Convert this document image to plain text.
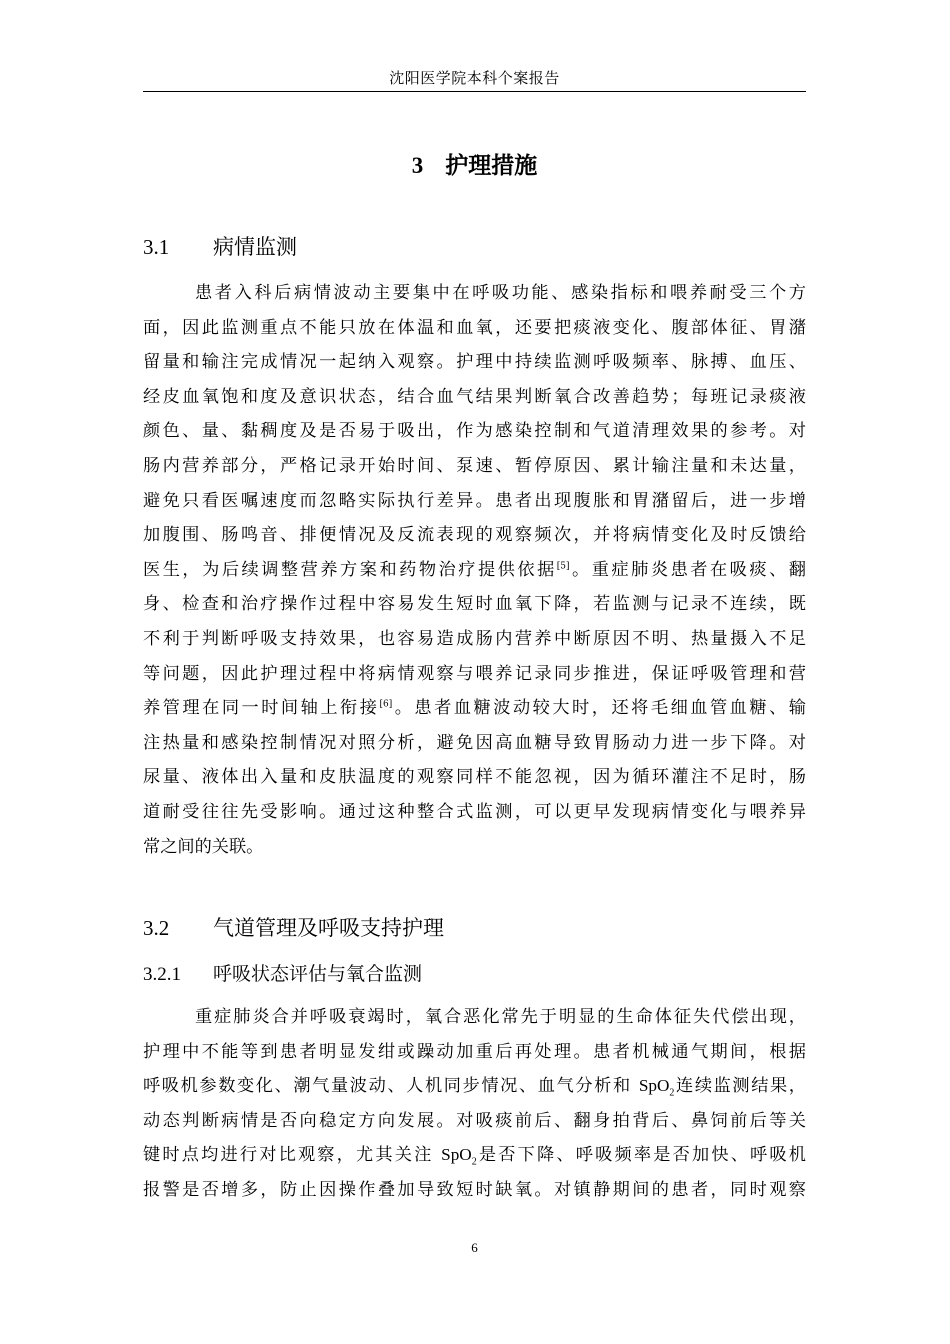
沈阳医学院本科个案报告
3 护理措施
3.1 病情监测
患者入科后病情波动主要集中在呼吸功能、感染指标和喂养耐受三个方
面，因此监测重点不能只放在体温和血氧，还要把痰液变化、腹部体征、胃潴
留量和输注完成情况一起纳入观察。护理中持续监测呼吸频率、脉搏、血压、
经皮血氧饱和度及意识状态，结合血气结果判断氧合改善趋势；每班记录痰液
颜色、量、黏稠度及是否易于吸出，作为感染控制和气道清理效果的参考。对
肠内营养部分，严格记录开始时间、泵速、暂停原因、累计输注量和未达量，
避免只看医嘱速度而忽略实际执行差异。患者出现腹胀和胃潴留后，进一步增
加腹围、肠鸣音、排便情况及反流表现的观察频次，并将病情变化及时反馈给
医生，为后续调整营养方案和药物治疗提供依据[5]。重症肺炎患者在吸痰、翻
身、检查和治疗操作过程中容易发生短时血氧下降，若监测与记录不连续，既
不利于判断呼吸支持效果，也容易造成肠内营养中断原因不明、热量摄入不足
等问题，因此护理过程中将病情观察与喂养记录同步推进，保证呼吸管理和营
养管理在同一时间轴上衔接[6]。患者血糖波动较大时，还将毛细血管血糖、输
注热量和感染控制情况对照分析，避免因高血糖导致胃肠动力进一步下降。对
尿量、液体出入量和皮肤温度的观察同样不能忽视，因为循环灌注不足时，肠
道耐受往往先受影响。通过这种整合式监测，可以更早发现病情变化与喂养异
常之间的关联。
3.2 气道管理及呼吸支持护理
3.2.1 呼吸状态评估与氧合监测
重症肺炎合并呼吸衰竭时，氧合恶化常先于明显的生命体征失代偿出现，
护理中不能等到患者明显发绀或躁动加重后再处理。患者机械通气期间，根据
呼吸机参数变化、潮气量波动、人机同步情况、血气分析和 SpO$_2$连续监测结果，
动态判断病情是否向稳定方向发展。对吸痰前后、翻身拍背后、鼻饲前后等关
键时点均进行对比观察，尤其关注 SpO$_2$是否下降、呼吸频率是否加快、呼吸机
报警是否增多，防止因操作叠加导致短时缺氧。对镇静期间的患者，同时观察
6
